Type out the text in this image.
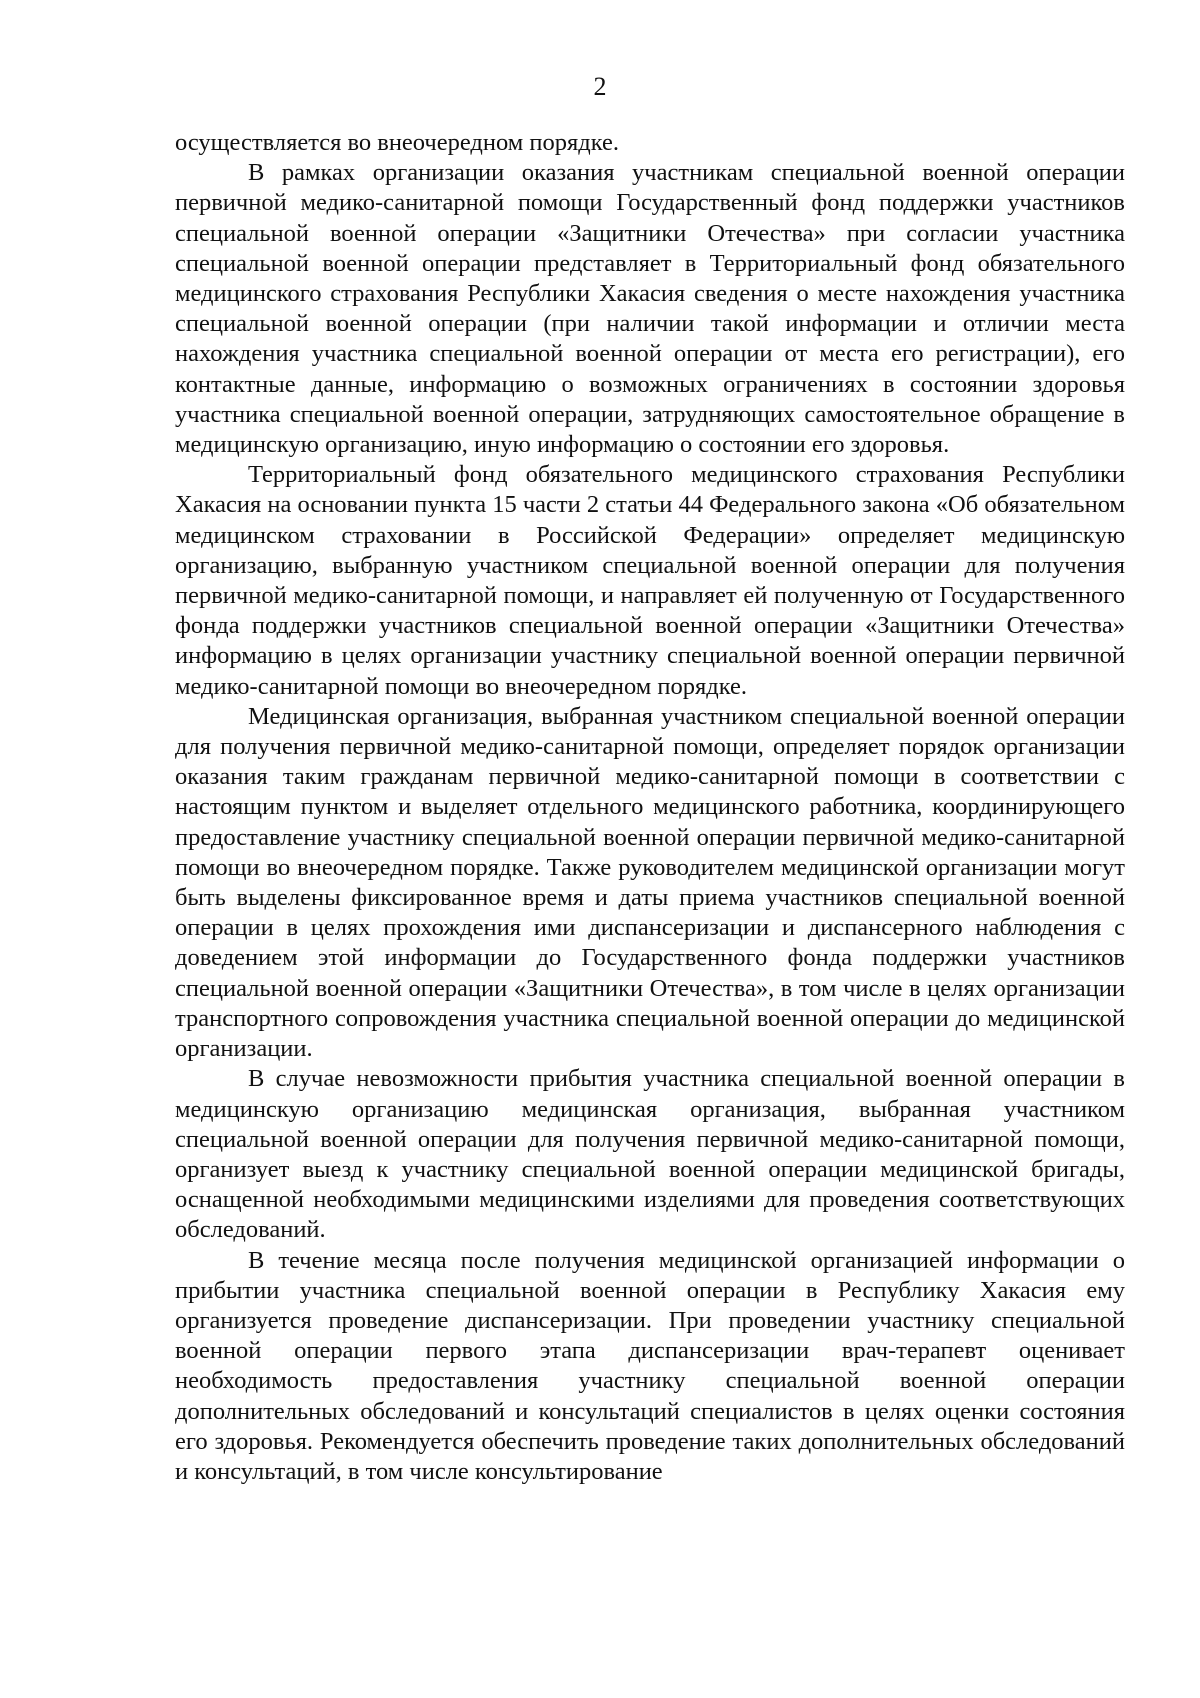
2

осуществляется во внеочередном порядке.

В рамках организации оказания участникам специальной военной операции первичной медико-санитарной помощи Государственный фонд поддержки участников специальной военной операции «Защитники Отечества» при согласии участника специальной военной операции представляет в Территориальный фонд обязательного медицинского страхования Республики Хакасия сведения о месте нахождения участника специальной военной операции (при наличии такой информации и отличии места нахождения участника специальной военной операции от места его регистрации), его контактные данные, информацию о возможных ограничениях в состоянии здоровья участника специальной военной операции, затрудняющих самостоятельное обращение в медицинскую организацию, иную информацию о состоянии его здоровья.

Территориальный фонд обязательного медицинского страхования Республики Хакасия на основании пункта 15 части 2 статьи 44 Федерального закона «Об обязательном медицинском страховании в Российской Федерации» определяет медицинскую организацию, выбранную участником специальной военной операции для получения первичной медико-санитарной помощи, и направляет ей полученную от Государственного фонда поддержки участников специальной военной операции «Защитники Отечества» информацию в целях организации участнику специальной военной операции первичной медико-санитарной помощи во внеочередном порядке.

Медицинская организация, выбранная участником специальной военной операции для получения первичной медико-санитарной помощи, определяет порядок организации оказания таким гражданам первичной медико-санитарной помощи в соответствии с настоящим пунктом и выделяет отдельного медицинского работника, координирующего предоставление участнику специальной военной операции первичной медико-санитарной помощи во внеочередном порядке. Также руководителем медицинской организации могут быть выделены фиксированное время и даты приема участников специальной военной операции в целях прохождения ими диспансеризации и диспансерного наблюдения с доведением этой информации до Государственного фонда поддержки участников специальной военной операции «Защитники Отечества», в том числе в целях организации транспортного сопровождения участника специальной военной операции до медицинской организации.

В случае невозможности прибытия участника специальной военной операции в медицинскую организацию медицинская организация, выбранная участником специальной военной операции для получения первичной медико-санитарной помощи, организует выезд к участнику специальной военной операции медицинской бригады, оснащенной необходимыми медицинскими изделиями для проведения соответствующих обследований.

В течение месяца после получения медицинской организацией информации о прибытии участника специальной военной операции в Республику Хакасия ему организуется проведение диспансеризации. При проведении участнику специальной военной операции первого этапа диспансеризации врач-терапевт оценивает необходимость предоставления участнику специальной военной операции дополнительных обследований и консультаций специалистов в целях оценки состояния его здоровья. Рекомендуется обеспечить проведение таких дополнительных обследований и консультаций, в том числе консультирование
